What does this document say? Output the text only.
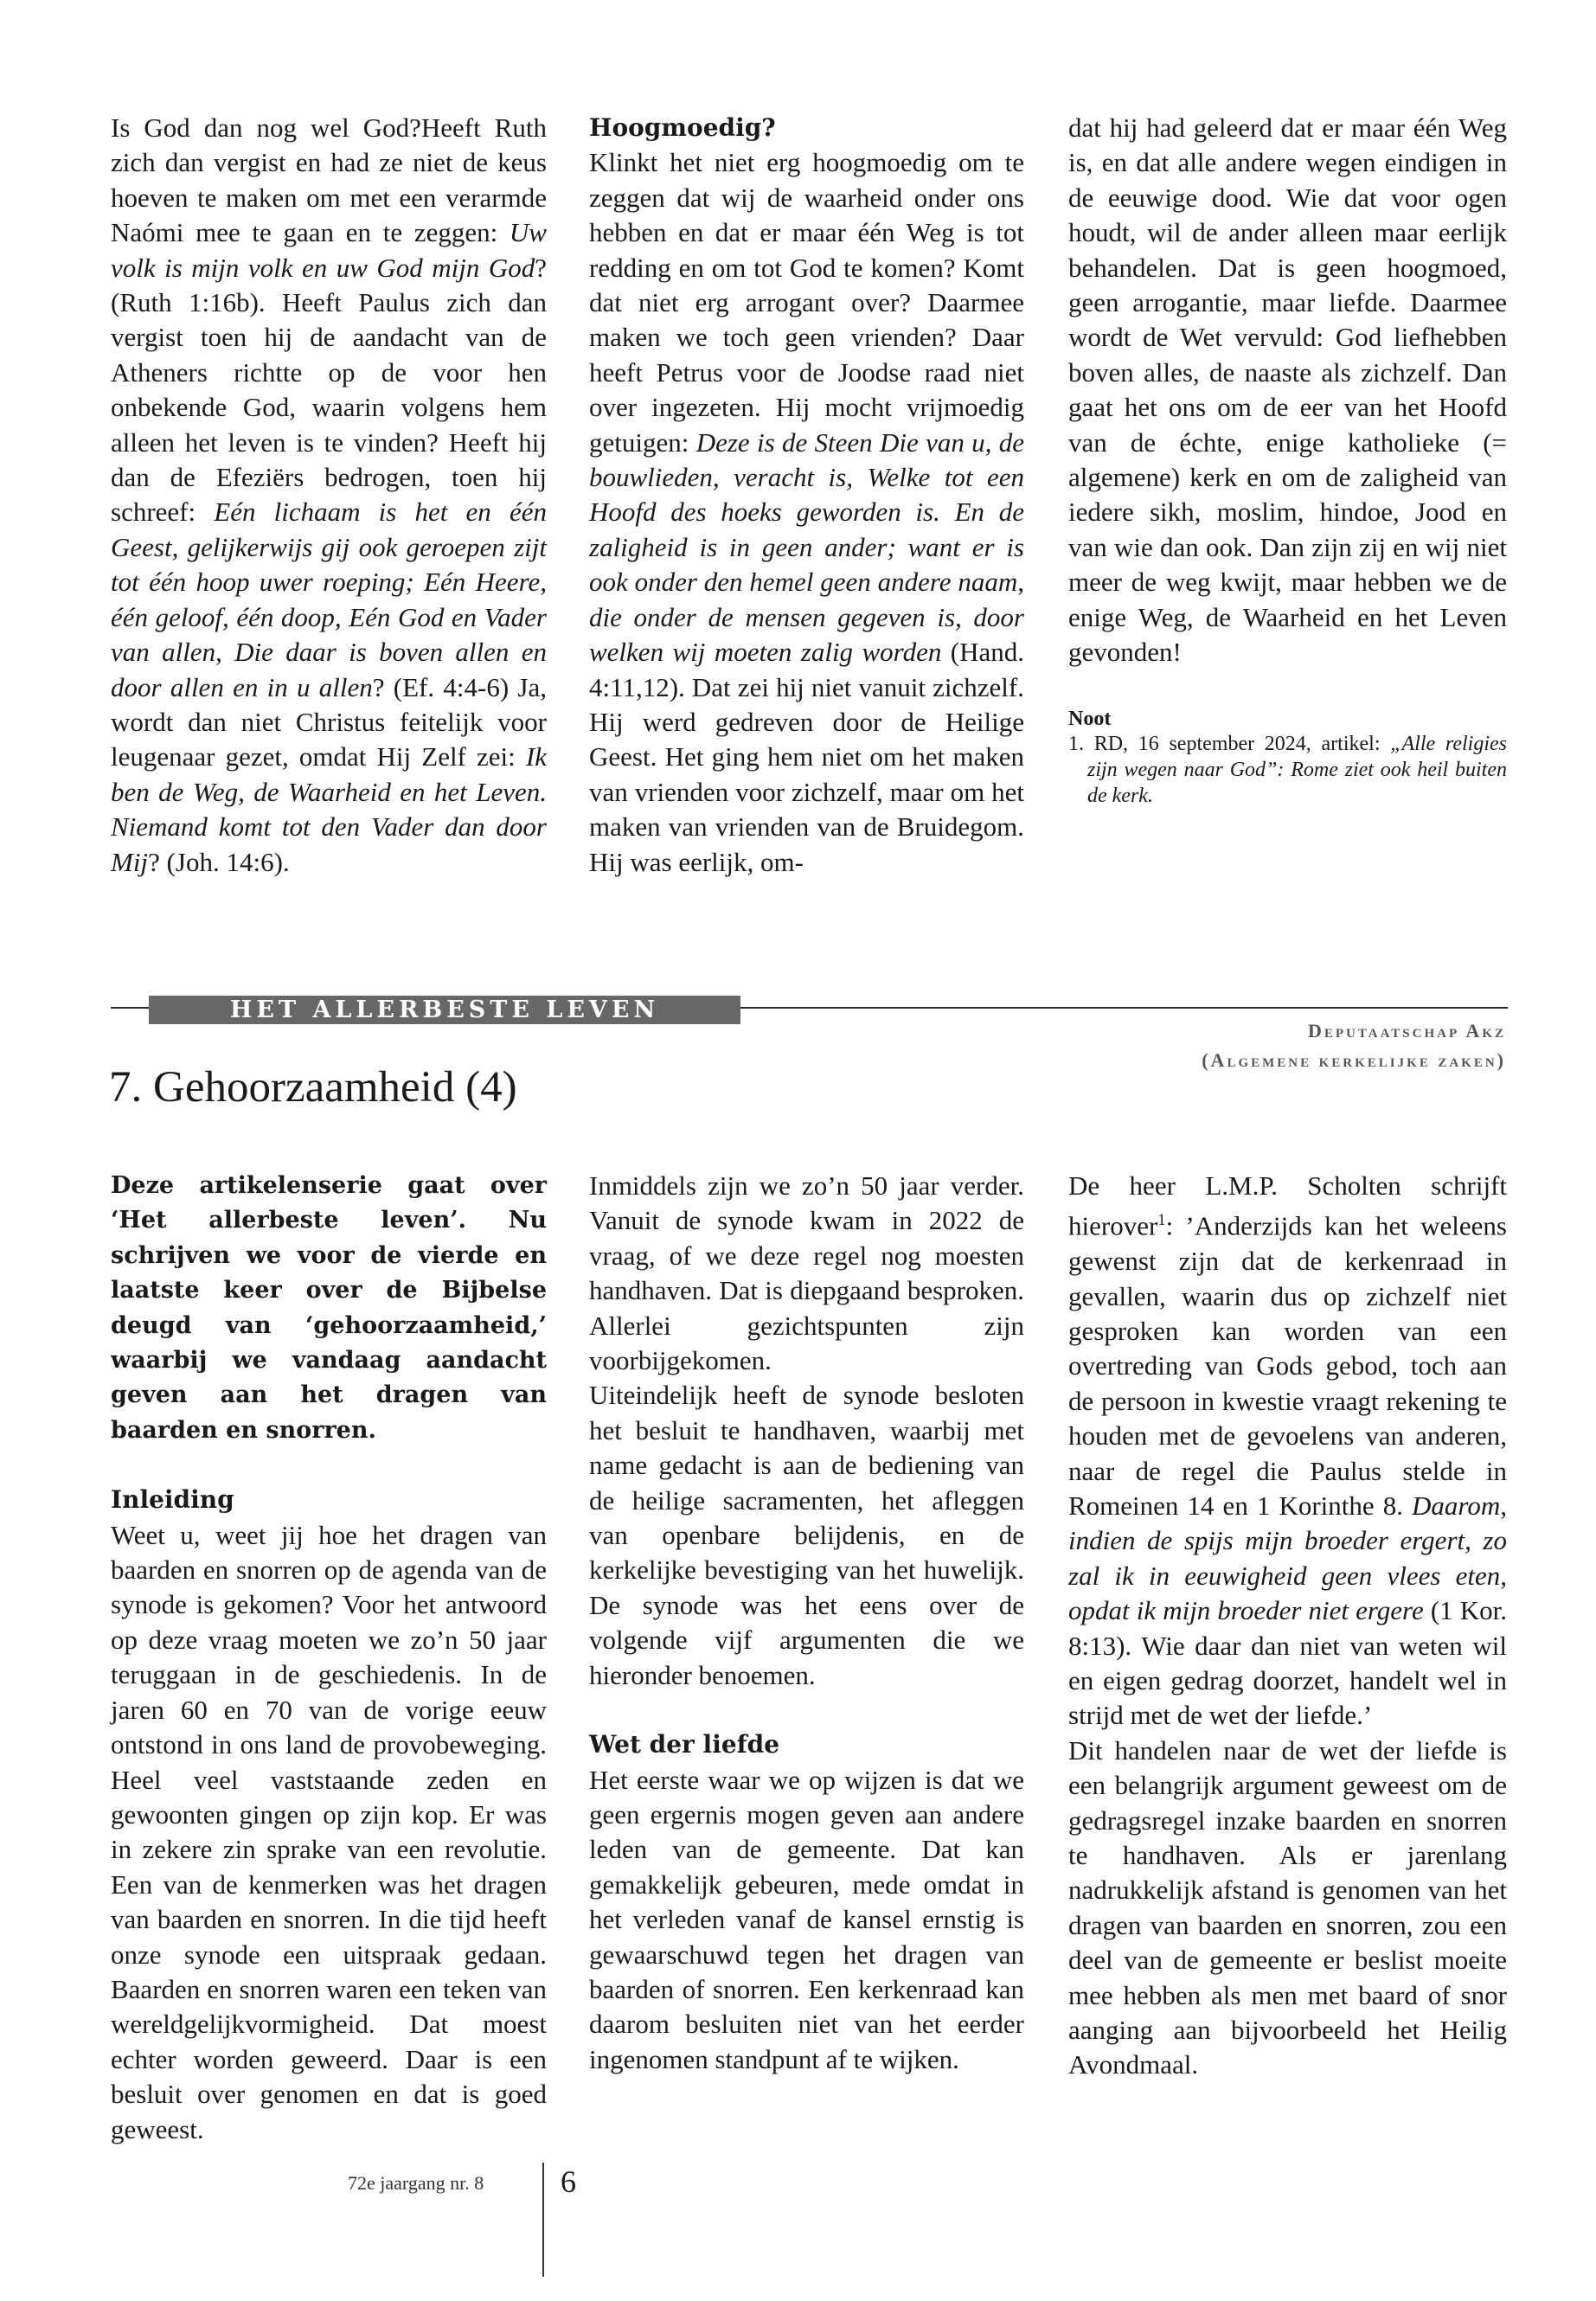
Is God dan nog wel God?Heeft Ruth zich dan vergist en had ze niet de keus hoeven te maken om met een verarmde Naómi mee te gaan en te zeggen: Uw volk is mijn volk en uw God mijn God? (Ruth 1:16b). Heeft Paulus zich dan vergist toen hij de aandacht van de Atheners richtte op de voor hen onbekende God, waarin volgens hem alleen het leven is te vinden? Heeft hij dan de Efeziërs bedrogen, toen hij schreef: Eén lichaam is het en één Geest, gelijkerwijs gij ook geroepen zijt tot één hoop uwer roeping; Eén Heere, één geloof, één doop, Eén God en Vader van allen, Die daar is boven allen en door allen en in u allen? (Ef. 4:4-6) Ja, wordt dan niet Christus feitelijk voor leugenaar gezet, omdat Hij Zelf zei: Ik ben de Weg, de Waarheid en het Leven. Niemand komt tot den Vader dan door Mij? (Joh. 14:6).

Hoogmoedig?

Klinkt het niet erg hoogmoedig om te zeggen dat wij de waarheid onder ons hebben en dat er maar één Weg is tot redding en om tot God te komen? Komt dat niet erg arrogant over? Daarmee maken we toch geen vrienden? Daar heeft Petrus voor de Joodse raad niet over ingezeten. Hij mocht vrijmoedig getuigen: Deze is de Steen Die van u, de bouwlieden, veracht is, Welke tot een Hoofd des hoeks geworden is. En de zaligheid is in geen ander; want er is ook onder den hemel geen andere naam, die onder de mensen gegeven is, door welken wij moeten zalig worden (Hand. 4:11,12). Dat zei hij niet vanuit zichzelf. Hij werd gedreven door de Heilige Geest. Het ging hem niet om het maken van vrienden voor zichzelf, maar om het maken van vrienden van de Bruidegom. Hij was eerlijk, om-

dat hij had geleerd dat er maar één Weg is, en dat alle andere wegen eindigen in de eeuwige dood. Wie dat voor ogen houdt, wil de ander alleen maar eerlijk behandelen. Dat is geen hoogmoed, geen arrogantie, maar liefde. Daarmee wordt de Wet vervuld: God liefhebben boven alles, de naaste als zichzelf. Dan gaat het ons om de eer van het Hoofd van de échte, enige katholieke (= algemene) kerk en om de zaligheid van iedere sikh, moslim, hindoe, Jood en van wie dan ook. Dan zijn zij en wij niet meer de weg kwijt, maar hebben we de enige Weg, de Waarheid en het Leven gevonden!

Noot

1. RD, 16 september 2024, artikel: „Alle religies zijn wegen naar God”: Rome ziet ook heil buiten de kerk.

HET ALLERBESTE LEVEN
Deputaatschap Akz
(Algemene kerkelijke zaken)
7. Gehoorzaamheid (4)

Deze artikelenserie gaat over ‘Het allerbeste leven’. Nu schrijven we voor de vierde en laatste keer over de Bijbelse deugd van ‘gehoorzaamheid,’ waarbij we vandaag aandacht geven aan het dragen van baarden en snorren.

Inleiding

Weet u, weet jij hoe het dragen van baarden en snorren op de agenda van de synode is gekomen? Voor het antwoord op deze vraag moeten we zo’n 50 jaar teruggaan in de geschiedenis. In de jaren 60 en 70 van de vorige eeuw ontstond in ons land de provobeweging. Heel veel vaststaande zeden en gewoonten gingen op zijn kop. Er was in zekere zin sprake van een revolutie. Een van de kenmerken was het dragen van baarden en snorren. In die tijd heeft onze synode een uitspraak gedaan. Baarden en snorren waren een teken van wereldgelijkvormigheid. Dat moest echter worden geweerd. Daar is een besluit over genomen en dat is goed geweest.

Inmiddels zijn we zo’n 50 jaar verder. Vanuit de synode kwam in 2022 de vraag, of we deze regel nog moesten handhaven. Dat is diepgaand besproken. Allerlei gezichtspunten zijn voorbijgekomen.

Uiteindelijk heeft de synode besloten het besluit te handhaven, waarbij met name gedacht is aan de bediening van de heilige sacramenten, het afleggen van openbare belijdenis, en de kerkelijke bevestiging van het huwelijk. De synode was het eens over de volgende vijf argumenten die we hieronder benoemen.

Wet der liefde

Het eerste waar we op wijzen is dat we geen ergernis mogen geven aan andere leden van de gemeente. Dat kan gemakkelijk gebeuren, mede omdat in het verleden vanaf de kansel ernstig is gewaarschuwd tegen het dragen van baarden of snorren. Een kerkenraad kan daarom besluiten niet van het eerder ingenomen standpunt af te wijken.

De heer L.M.P. Scholten schrijft hierover$^1$: ’Anderzijds kan het weleens gewenst zijn dat de kerkenraad in gevallen, waarin dus op zichzelf niet gesproken kan worden van een overtreding van Gods gebod, toch aan de persoon in kwestie vraagt rekening te houden met de gevoelens van anderen, naar de regel die Paulus stelde in Romeinen 14 en 1 Korinthe 8. Daarom, indien de spijs mijn broeder ergert, zo zal ik in eeuwigheid geen vlees eten, opdat ik mijn broeder niet ergere (1 Kor. 8:13). Wie daar dan niet van weten wil en eigen gedrag doorzet, handelt wel in strijd met de wet der liefde.’

Dit handelen naar de wet der liefde is een belangrijk argument geweest om de gedragsregel inzake baarden en snorren te handhaven. Als er jarenlang nadrukkelijk afstand is genomen van het dragen van baarden en snorren, zou een deel van de gemeente er beslist moeite mee hebben als men met baard of snor aanging aan bijvoorbeeld het Heilig Avondmaal.

72e jaargang nr. 8 6
